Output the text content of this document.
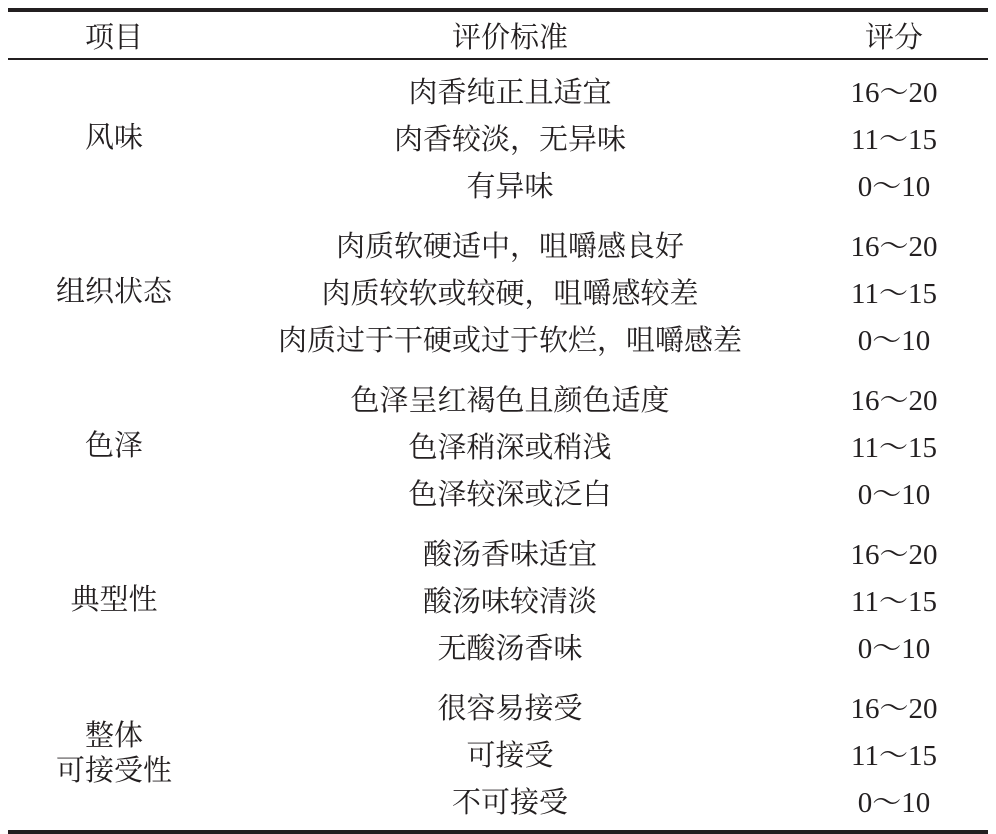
项目	评价标准	评分
风味
肉香纯正且适宜	16～20
肉香较淡，无异味	11～15
有异味	0～10
组织状态
肉质软硬适中，咀嚼感良好	16～20
肉质较软或较硬，咀嚼感较差	11～15
肉质过于干硬或过于软烂，咀嚼感差	0～10
色泽
色泽呈红褐色且颜色适度	16～20
色泽稍深或稍浅	11～15
色泽较深或泛白	0～10
典型性
酸汤香味适宜	16～20
酸汤味较清淡	11～15
无酸汤香味	0～10
整体
可接受性
很容易接受	16～20
可接受	11～15
不可接受	0～10
